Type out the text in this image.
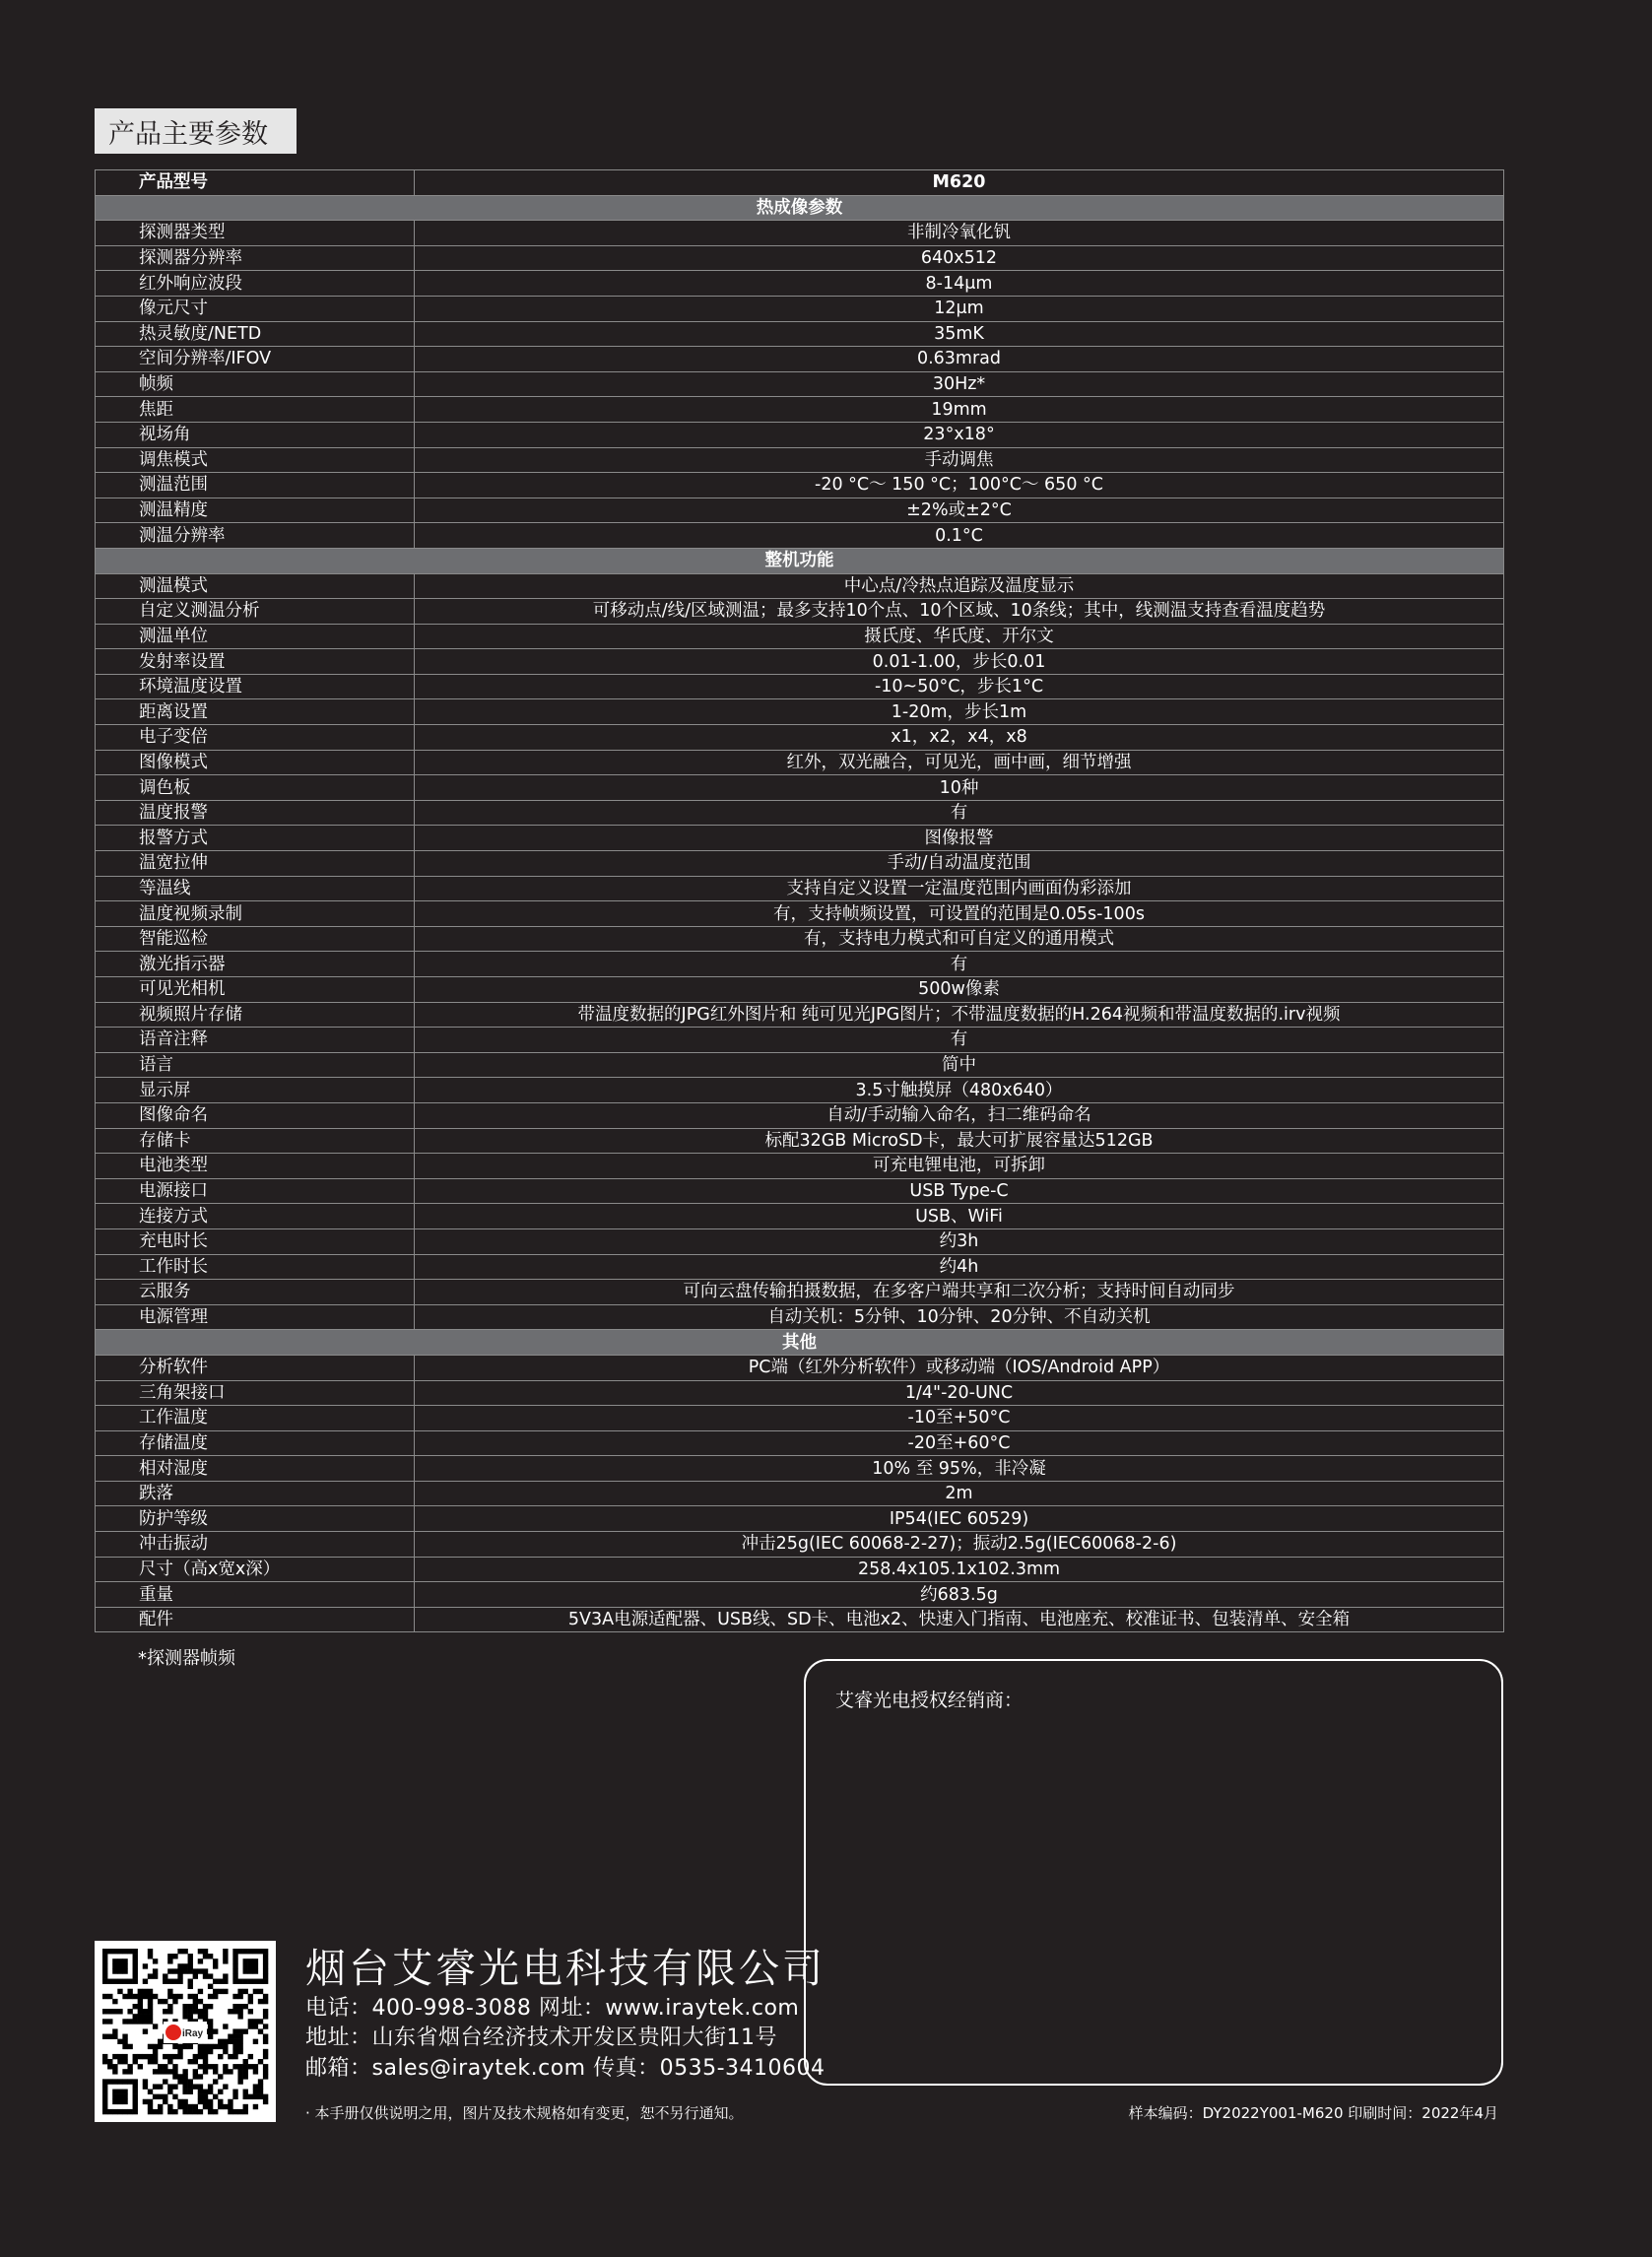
产品主要参数
产品型号	M620
热成像参数	
探测器类型	非制冷氧化钒
探测器分辨率	640x512
红外响应波段	8-14μm
像元尺寸	12μm
热灵敏度/NETD	35mK
空间分辨率/IFOV	0.63mrad
帧频	30Hz*
焦距	19mm
视场角	23°x18°
调焦模式	手动调焦
测温范围	-20 °C～ 150 °C；100°C～ 650 °C
测温精度	±2%或±2°C
测温分辨率	0.1°C
整机功能	
测温模式	中心点/冷热点追踪及温度显示
自定义测温分析	可移动点/线/区域测温；最多支持10个点、10个区域、10条线；其中，线测温支持查看温度趋势
测温单位	摄氏度、华氏度、开尔文
发射率设置	0.01-1.00，步长0.01
环境温度设置	-10~50°C，步长1°C
距离设置	1-20m，步长1m
电子变倍	x1，x2，x4，x8
图像模式	红外，双光融合，可见光，画中画，细节增强
调色板	10种
温度报警	有
报警方式	图像报警
温宽拉伸	手动/自动温度范围
等温线	支持自定义设置一定温度范围内画面伪彩添加
温度视频录制	有，支持帧频设置，可设置的范围是0.05s-100s
智能巡检	有，支持电力模式和可自定义的通用模式
激光指示器	有
可见光相机	500w像素
视频照片存储	带温度数据的JPG红外图片和 纯可见光JPG图片；不带温度数据的H.264视频和带温度数据的.irv视频
语音注释	有
语言	简中
显示屏	3.5寸触摸屏（480x640）
图像命名	自动/手动输入命名，扫二维码命名
存储卡	标配32GB MicroSD卡，最大可扩展容量达512GB
电池类型	可充电锂电池，可拆卸
电源接口	USB Type-C
连接方式	USB、WiFi
充电时长	约3h
工作时长	约4h
云服务	可向云盘传输拍摄数据，在多客户端共享和二次分析；支持时间自动同步
电源管理	自动关机：5分钟、10分钟、20分钟、不自动关机
其他	
分析软件	PC端（红外分析软件）或移动端（IOS/Android APP）
三角架接口	1/4"-20-UNC
工作温度	-10至+50°C
存储温度	-20至+60°C
相对湿度	10% 至 95%，非冷凝
跌落	2m
防护等级	IP54(IEC 60529)
冲击振动	冲击25g(IEC 60068-2-27)；振动2.5g(IEC60068-2-6)
尺寸（高x宽x深）	258.4x105.1x102.3mm
重量	约683.5g
配件	5V3A电源适配器、USB线、SD卡、电池x2、快速入门指南、电池座充、校准证书、包装清单、安全箱
*探测器帧频
艾睿光电授权经销商：
iRay
烟台艾睿光电科技有限公司
电话：400-998-3088 网址：www.iraytek.com
地址：山东省烟台经济技术开发区贵阳大街11号
邮箱：sales@iraytek.com 传真：0535-3410604
· 本手册仅供说明之用，图片及技术规格如有变更，恕不另行通知。	样本编码：DY2022Y001-M620 印刷时间：2022年4月
